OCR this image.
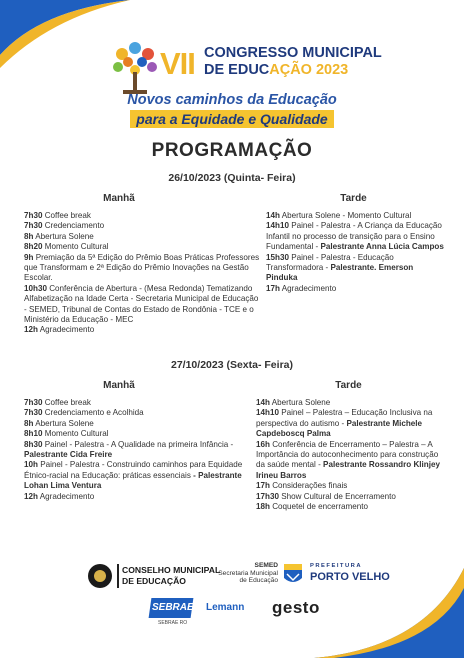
VII CONGRESSO MUNICIPAL
DE EDUCAÇÃO 2023
Novos caminhos da Educação
para a Equidade e Qualidade
PROGRAMAÇÃO
26/10/2023 (Quinta- Feira)
Manhã	Tarde

7h30 Coffee break

7h30 Credenciamento

8h Abertura Solene

8h20 Momento Cultural

9h Premiação da 5ª Edição do Prêmio Boas Práticas Professores que Transformam e 2ª Edição do Prêmio Inovações na Gestão Escolar.

10h30 Conferência de Abertura - (Mesa Redonda) Tematizando Alfabetização na Idade Certa - Secretaria Municipal de Educação - SEMED, Tribunal de Contas do Estado de Rondônia - TCE e o Ministério da Educação - MEC

12h Agradecimento

14h Abertura Solene - Momento Cultural

14h10 Painel - Palestra - A Criança da Educação Infantil no processo de transição para o Ensino Fundamental - Palestrante Anna Lúcia Campos

15h30 Painel - Palestra - Educação Transformadora - Palestrante. Emerson Pinduka

17h Agradecimento

27/10/2023 (Sexta- Feira)
Manhã	Tarde

7h30 Coffee break

7h30 Credenciamento e Acolhida

8h Abertura Solene

8h10 Momento Cultural

8h30 Painel - Palestra - A Qualidade na primeira Infância - Palestrante Cida Freire

10h Painel - Palestra - Construindo caminhos para Equidade Étnico-racial na Educação: práticas essenciais - Palestrante Lohan Lima Ventura

12h Agradecimento

14h Abertura Solene

14h10 Painel – Palestra – Educação Inclusiva na perspectiva do autismo - Palestrante Michele Capdeboscq Palma

16h Conferência de Encerramento – Palestra – A Importância do autoconhecimento para construção da saúde mental - Palestrante Rossandro Klinjey Irineu Barros

17h Considerações finais

17h30 Show Cultural de Encerramento

18h Coquetel de encerramento

CONSELHO MUNICIPAL
DE EDUCAÇÃO
SEMED
Secretaria Municipal
de Educação
PREFEITURA
PORTO VELHO
SEBRAE
SEBRAE RO
Lemann gesto
